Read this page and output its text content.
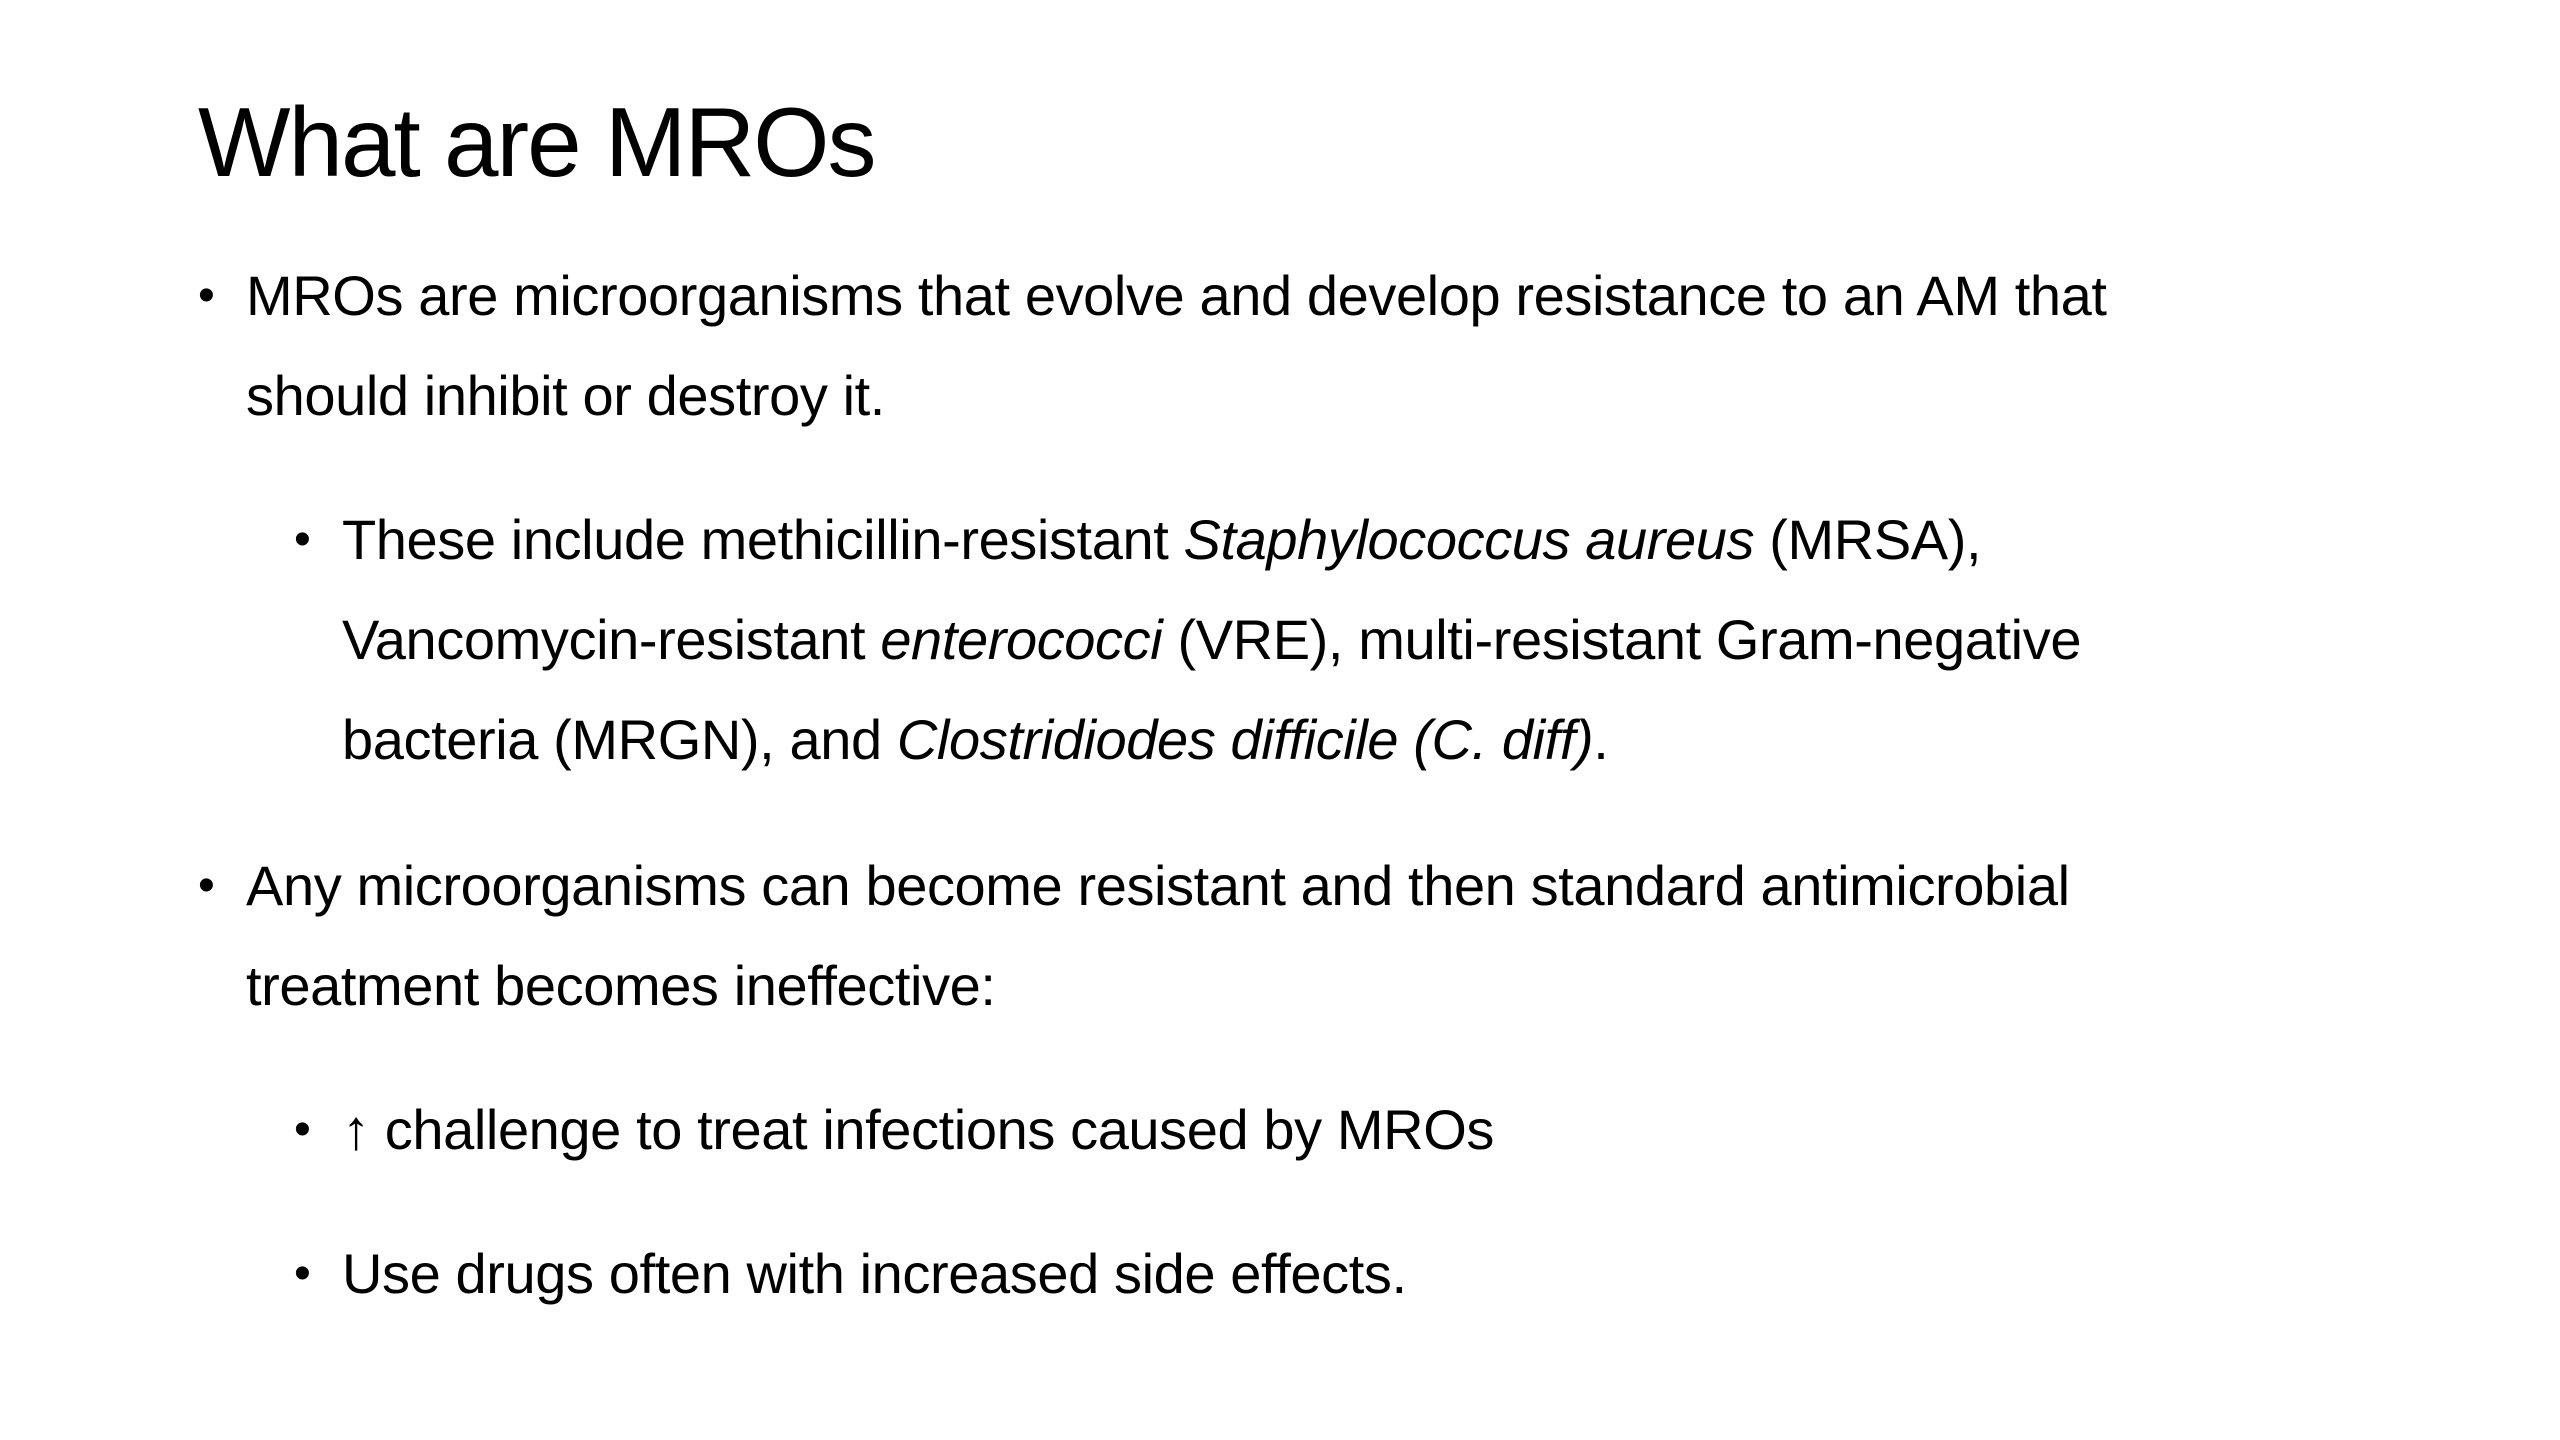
What are MROs
• MROs are microorganisms that evolve and develop resistance to an AM that
should inhibit or destroy it.
• These include methicillin-resistant Staphylococcus aureus (MRSA),
Vancomycin-resistant enterococci (VRE), multi-resistant Gram-negative
bacteria (MRGN), and Clostridiodes difficile (C. diff).
• Any microorganisms can become resistant and then standard antimicrobial
treatment becomes ineffective:
• ↑ challenge to treat infections caused by MROs
• Use drugs often with increased side effects.
